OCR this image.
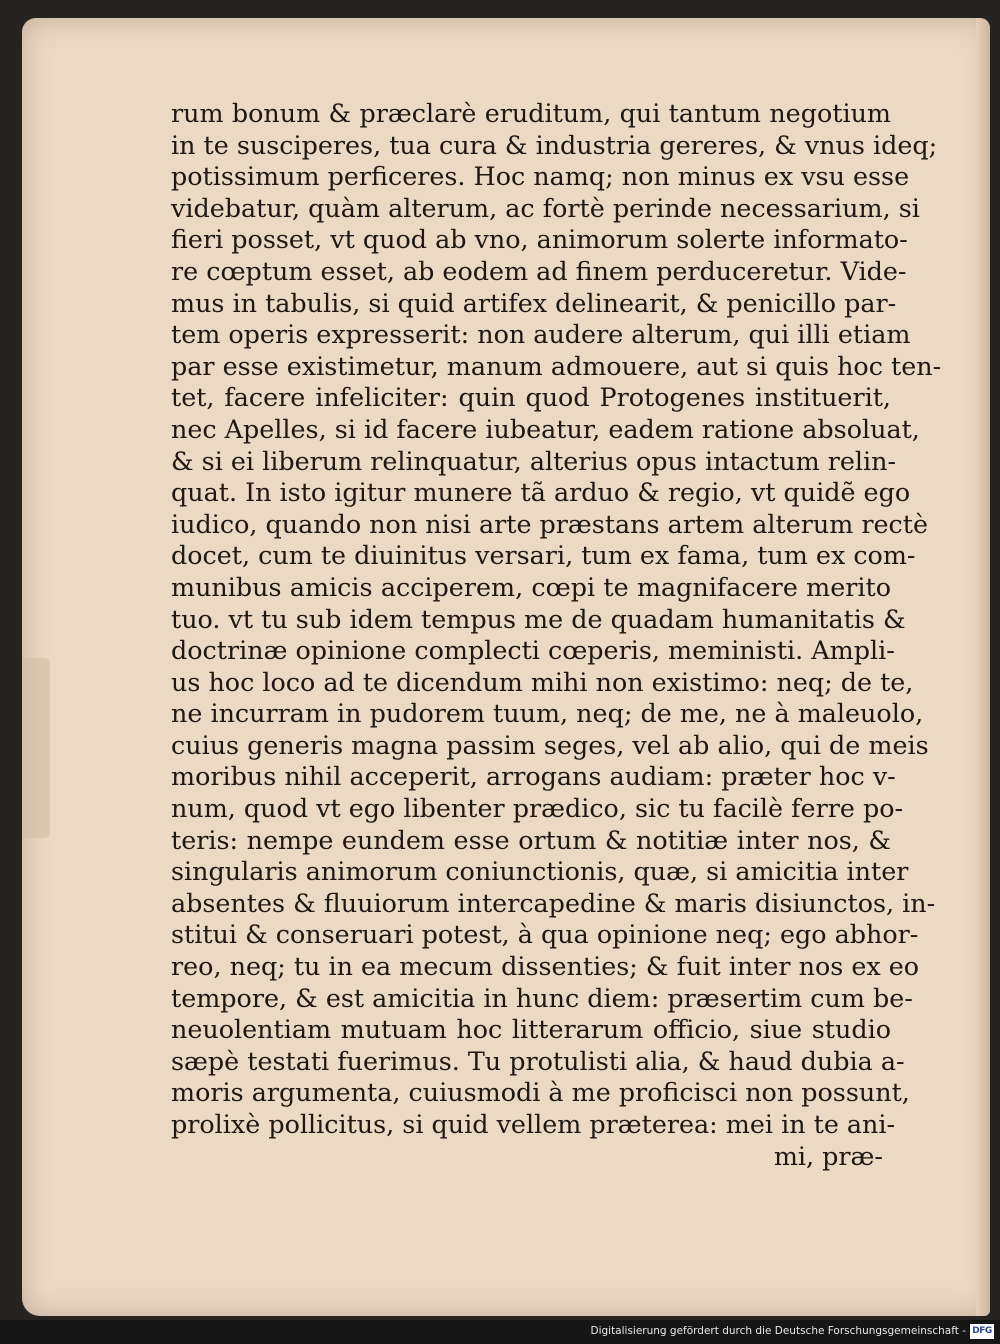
rum bonum & præclarè eruditum, qui tantum negotium
in te susciperes, tua cura & industria gereres, & vnus ideq;
potissimum perficeres. Hoc namq; non minus ex vsu esse
videbatur, quàm alterum, ac fortè perinde necessarium, si
fieri posset, vt quod ab vno, animorum solerte informato-
re cœptum esset, ab eodem ad finem perduceretur. Vide-
mus in tabulis, si quid artifex delinearit, & penicillo par-
tem operis expresserit: non audere alterum, qui illi etiam
par esse existimetur, manum admouere, aut si quis hoc ten-
tet, facere infeliciter: quin quod Protogenes instituerit,
nec Apelles, si id facere iubeatur, eadem ratione absoluat,
& si ei liberum relinquatur, alterius opus intactum relin-
quat. In isto igitur munere tã arduo & regio, vt quidẽ ego
iudico, quando non nisi arte præstans artem alterum rectè
docet, cum te diuinitus versari, tum ex fama, tum ex com-
munibus amicis acciperem, cœpi te magnifacere merito
tuo. vt tu sub idem tempus me de quadam humanitatis &
doctrinæ opinione complecti cœperis, meministi. Ampli-
us hoc loco ad te dicendum mihi non existimo: neq; de te,
ne incurram in pudorem tuum, neq; de me, ne à maleuolo,
cuius generis magna passim seges, vel ab alio, qui de meis
moribus nihil acceperit, arrogans audiam: præter hoc v-
num, quod vt ego libenter prædico, sic tu facilè ferre po-
teris: nempe eundem esse ortum & notitiæ inter nos, &
singularis animorum coniunctionis, quæ, si amicitia inter
absentes & fluuiorum intercapedine & maris disiunctos, in-
stitui & conseruari potest, à qua opinione neq; ego abhor-
reo, neq; tu in ea mecum dissenties; & fuit inter nos ex eo
tempore, & est amicitia in hunc diem: præsertim cum be-
neuolentiam mutuam hoc litterarum officio, siue studio
sæpè testati fuerimus. Tu protulisti alia, & haud dubia a-
moris argumenta, cuiusmodi à me proficisci non possunt,
prolixè pollicitus, si quid vellem præterea: mei in te ani-
mi, præ-
Digitalisierung gefördert durch die Deutsche Forschungsgemeinschaft - DFG
